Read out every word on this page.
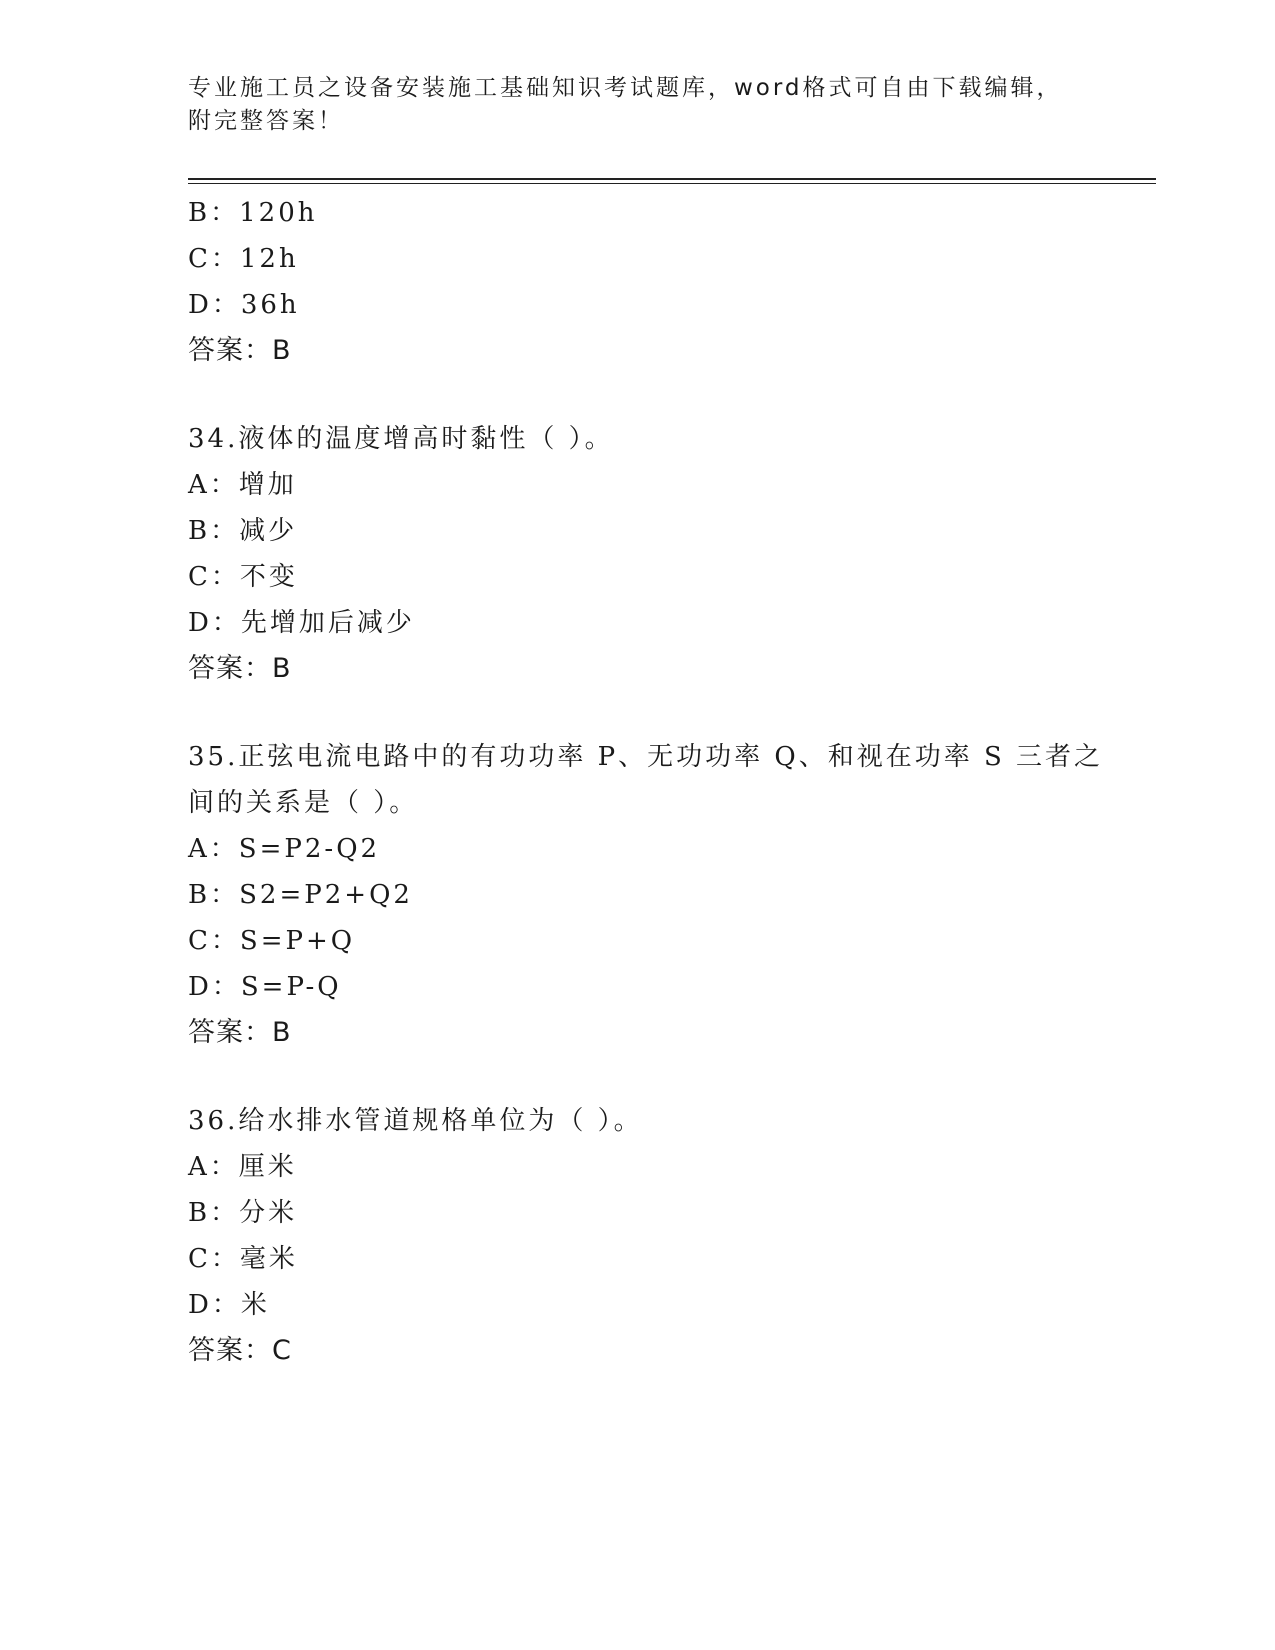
专业施工员之设备安装施工基础知识考试题库，word格式可自由下载编辑，附完整答案！
B：120h
C：12h
D：36h
答案：B
34.液体的温度增高时黏性（ ）。
A：增加
B：减少
C：不变
D：先增加后减少
答案：B
35.正弦电流电路中的有功功率 P、无功功率 Q、和视在功率 S 三者之
间的关系是（ ）。
A：S=P2-Q2
B：S2=P2+Q2
C：S=P+Q
D：S=P-Q
答案：B
36.给水排水管道规格单位为（ ）。
A：厘米
B：分米
C：毫米
D：米
答案：C
